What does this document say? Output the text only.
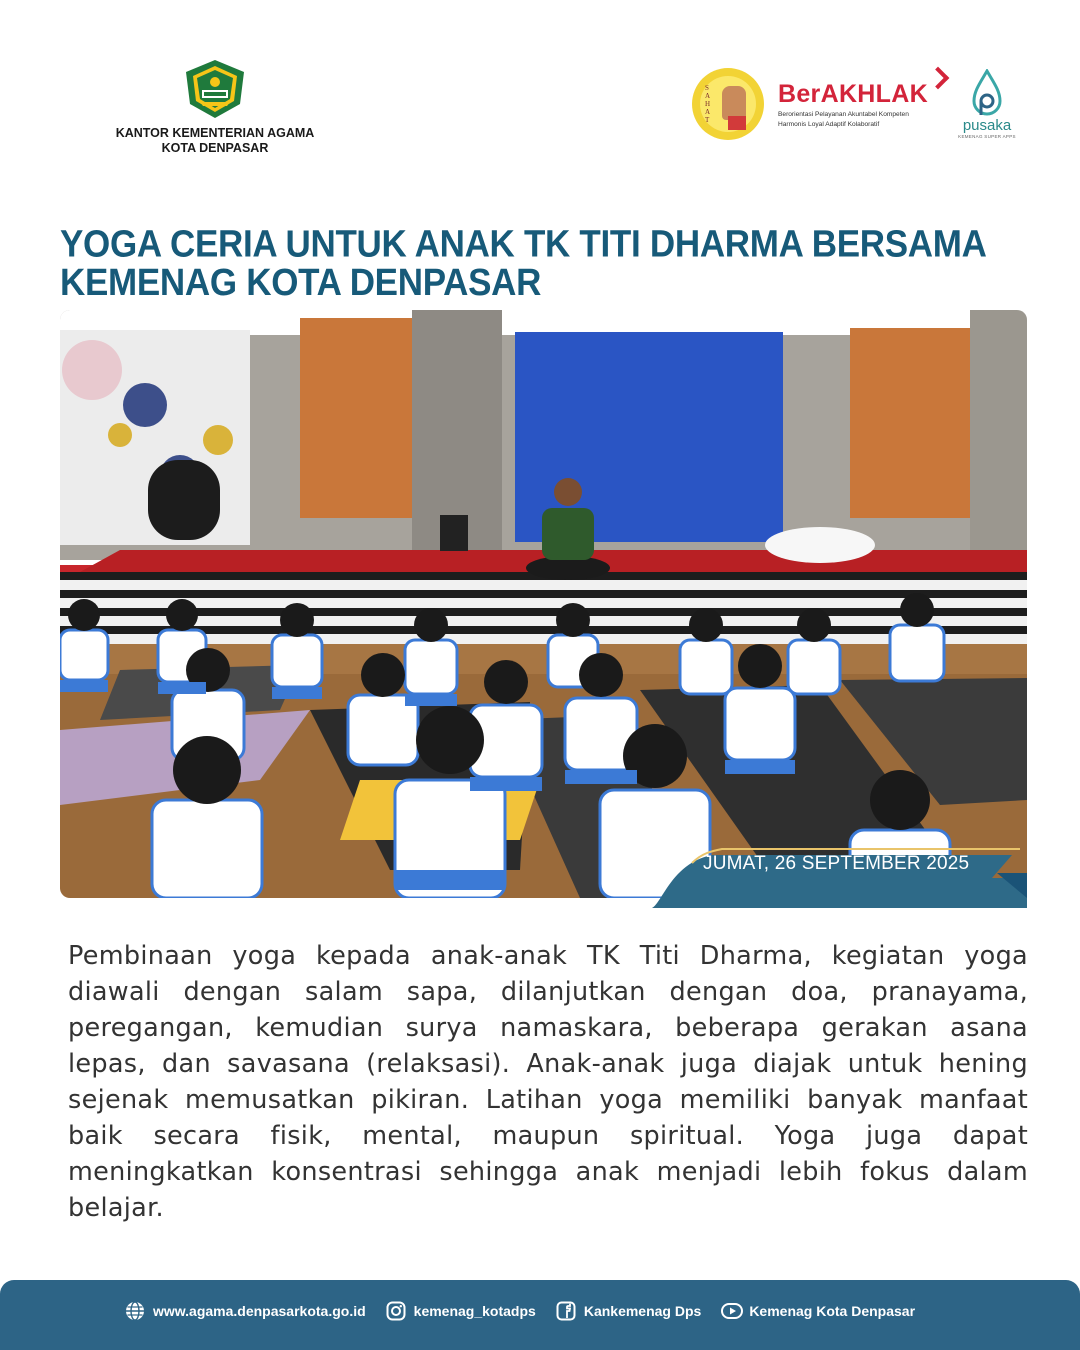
KANTOR KEMENTERIAN AGAMA
KOTA DENPASAR
S
A
H
A
T
BerAKHLAK
Berorientasi Pelayanan Akuntabel Kompeten
Harmonis Loyal Adaptif Kolaboratif	pusaka
KEMENAG SUPER APPS
YOGA CERIA UNTUK ANAK TK TITI DHARMA BERSAMA
KEMENAG KOTA DENPASAR
JUMAT, 26 SEPTEMBER 2025

Pembinaan yoga kepada anak-anak TK Titi Dharma, kegiatan yoga diawali dengan salam sapa, dilanjutkan dengan doa, pranayama, peregangan, kemudian surya namaskara, beberapa gerakan asana lepas, dan savasana (relaksasi). Anak-anak juga diajak untuk hening sejenak memusatkan pikiran. Latihan yoga memiliki banyak manfaat baik secara fisik, mental, maupun spiritual. Yoga juga dapat meningkatkan konsentrasi sehingga anak menjadi lebih fokus dalam belajar.

www.agama.denpasarkota.go.id	kemenag_kotadps	Kankemenag Dps	Kemenag Kota Denpasar
